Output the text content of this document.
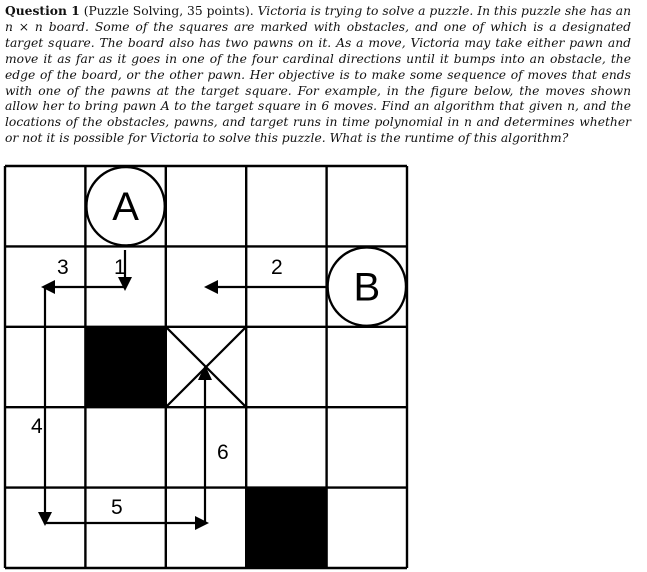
Question 1 (Puzzle Solving, 35 points). Victoria is trying to solve a puzzle. In this puzzle she has an n × n board. Some of the squares are marked with obstacles, and one of which is a designated target square. The board also has two pawns on it. As a move, Victoria may take either pawn and move it as far as it goes in one of the four cardinal directions until it bumps into an obstacle, the edge of the board, or the other pawn. Her objective is to make some sequence of moves that ends with one of the pawns at the target square. For example, in the figure below, the moves shown allow her to bring pawn A to the target square in 6 moves. Find an algorithm that given n, and the locations of the obstacles, pawns, and target runs in time polynomial in n and determines whether or not it is possible for Victoria to solve this puzzle. What is the runtime of this algorithm?
A
B
1	2
3
4
5
6
